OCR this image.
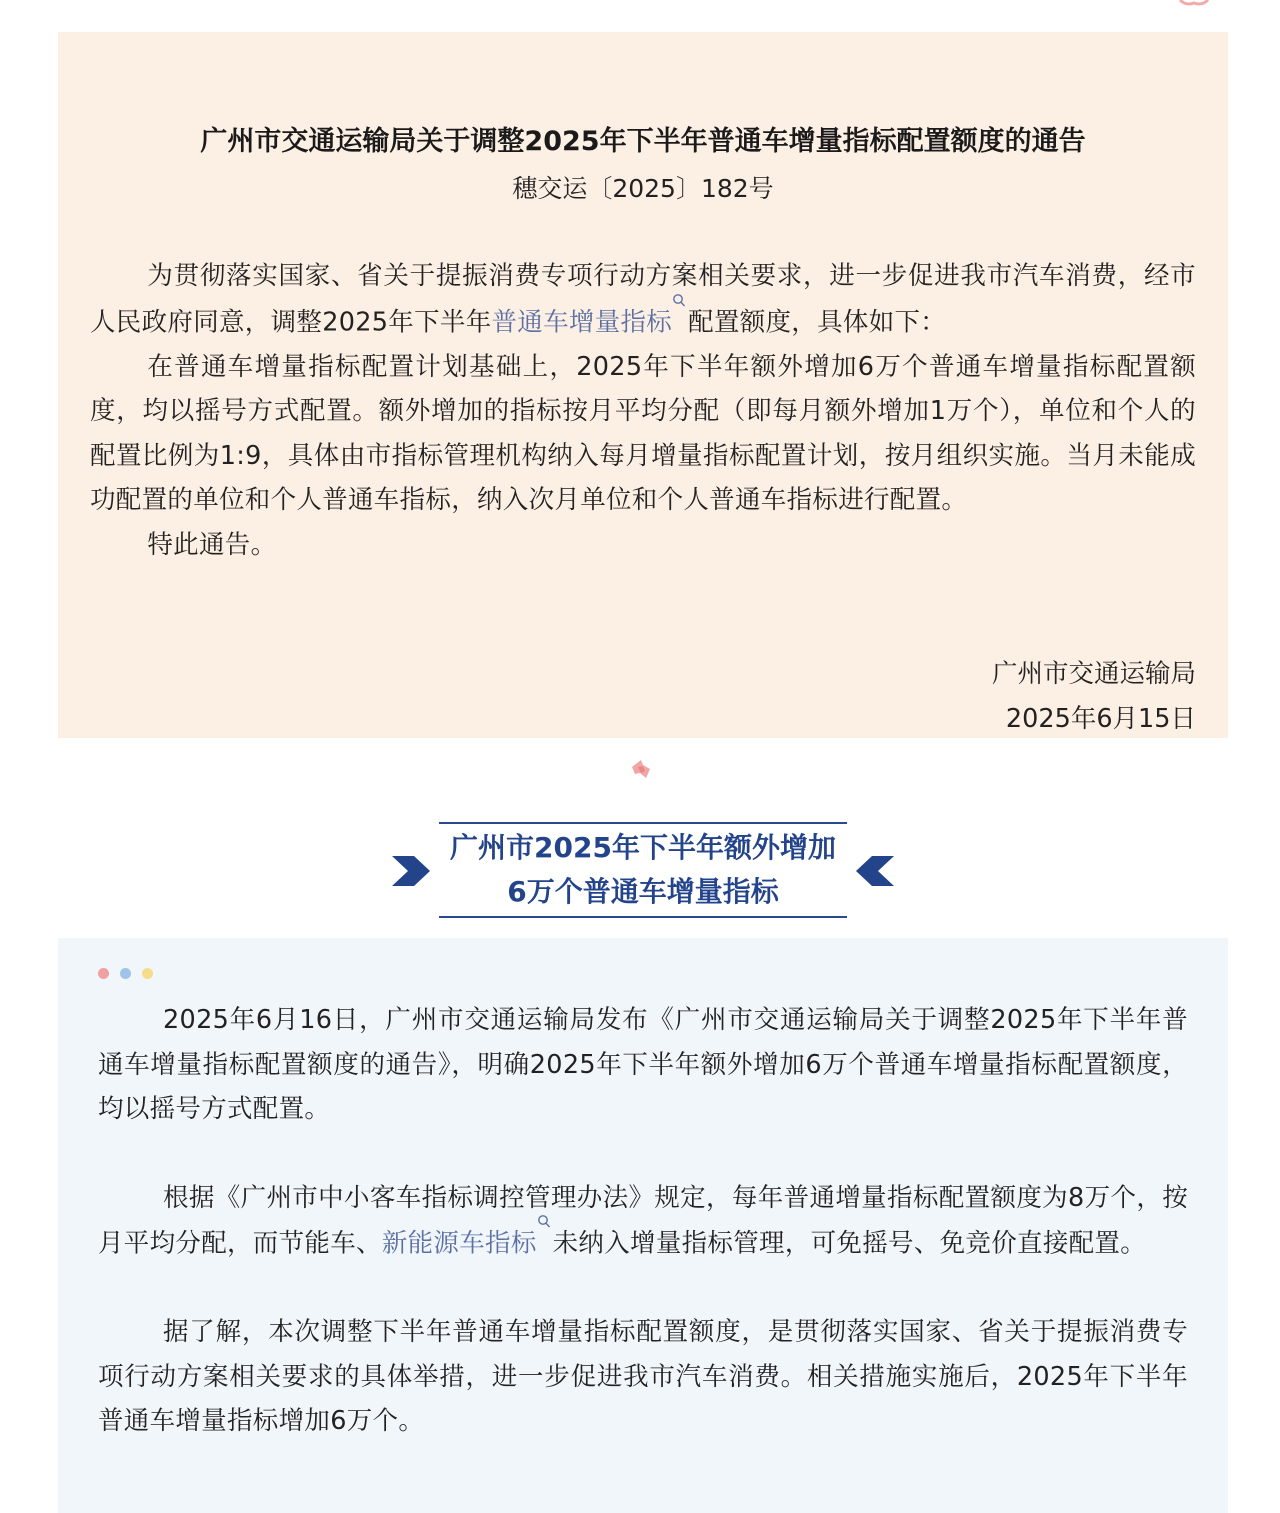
广州市交通运输局关于调整2025年下半年普通车增量指标配置额度的通告
穗交运〔2025〕182号

为贯彻落实国家、省关于提振消费专项行动方案相关要求，进一步促进我市汽车消费，经市人民政府同意，调整2025年下半年普通车增量指标 配置额度，具体如下：

在普通车增量指标配置计划基础上，2025年下半年额外增加6万个普通车增量指标配置额度，均以摇号方式配置。额外增加的指标按月平均分配（即每月额外增加1万个），单位和个人的配置比例为1:9，具体由市指标管理机构纳入每月增量指标配置计划，按月组织实施。当月未能成功配置的单位和个人普通车指标，纳入次月单位和个人普通车指标进行配置。

特此通告。

广州市交通运输局
2025年6月15日
广州市2025年下半年额外增加
6万个普通车增量指标

2025年6月16日，广州市交通运输局发布《广州市交通运输局关于调整2025年下半年普通车增量指标配置额度的通告》，明确2025年下半年额外增加6万个普通车增量指标配置额度，均以摇号方式配置。

根据《广州市中小客车指标调控管理办法》规定，每年普通增量指标配置额度为8万个，按月平均分配，而节能车、新能源车指标 未纳入增量指标管理，可免摇号、免竞价直接配置。

据了解，本次调整下半年普通车增量指标配置额度，是贯彻落实国家、省关于提振消费专项行动方案相关要求的具体举措，进一步促进我市汽车消费。相关措施实施后，2025年下半年普通车增量指标增加6万个。
